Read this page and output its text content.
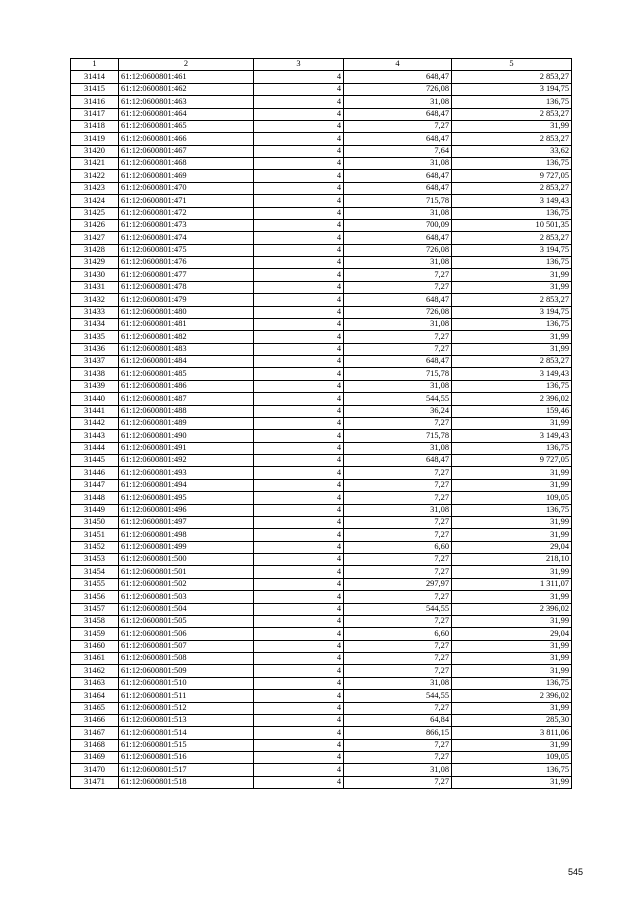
1	2	3	4	5
31414	61:12:0600801:461	4	648,47	2 853,27
31415	61:12:0600801:462	4	726,08	3 194,75
31416	61:12:0600801:463	4	31,08	136,75
31417	61:12:0600801:464	4	648,47	2 853,27
31418	61:12:0600801:465	4	7,27	31,99
31419	61:12:0600801:466	4	648,47	2 853,27
31420	61:12:0600801:467	4	7,64	33,62
31421	61:12:0600801:468	4	31,08	136,75
31422	61:12:0600801:469	4	648,47	9 727,05
31423	61:12:0600801:470	4	648,47	2 853,27
31424	61:12:0600801:471	4	715,78	3 149,43
31425	61:12:0600801:472	4	31,08	136,75
31426	61:12:0600801:473	4	700,09	10 501,35
31427	61:12:0600801:474	4	648,47	2 853,27
31428	61:12:0600801:475	4	726,08	3 194,75
31429	61:12:0600801:476	4	31,08	136,75
31430	61:12:0600801:477	4	7,27	31,99
31431	61:12:0600801:478	4	7,27	31,99
31432	61:12:0600801:479	4	648,47	2 853,27
31433	61:12:0600801:480	4	726,08	3 194,75
31434	61:12:0600801:481	4	31,08	136,75
31435	61:12:0600801:482	4	7,27	31,99
31436	61:12:0600801:483	4	7,27	31,99
31437	61:12:0600801:484	4	648,47	2 853,27
31438	61:12:0600801:485	4	715,78	3 149,43
31439	61:12:0600801:486	4	31,08	136,75
31440	61:12:0600801:487	4	544,55	2 396,02
31441	61:12:0600801:488	4	36,24	159,46
31442	61:12:0600801:489	4	7,27	31,99
31443	61:12:0600801:490	4	715,78	3 149,43
31444	61:12:0600801:491	4	31,08	136,75
31445	61:12:0600801:492	4	648,47	9 727,05
31446	61:12:0600801:493	4	7,27	31,99
31447	61:12:0600801:494	4	7,27	31,99
31448	61:12:0600801:495	4	7,27	109,05
31449	61:12:0600801:496	4	31,08	136,75
31450	61:12:0600801:497	4	7,27	31,99
31451	61:12:0600801:498	4	7,27	31,99
31452	61:12:0600801:499	4	6,60	29,04
31453	61:12:0600801:500	4	7,27	218,10
31454	61:12:0600801:501	4	7,27	31,99
31455	61:12:0600801:502	4	297,97	1 311,07
31456	61:12:0600801:503	4	7,27	31,99
31457	61:12:0600801:504	4	544,55	2 396,02
31458	61:12:0600801:505	4	7,27	31,99
31459	61:12:0600801:506	4	6,60	29,04
31460	61:12:0600801:507	4	7,27	31,99
31461	61:12:0600801:508	4	7,27	31,99
31462	61:12:0600801:509	4	7,27	31,99
31463	61:12:0600801:510	4	31,08	136,75
31464	61:12:0600801:511	4	544,55	2 396,02
31465	61:12:0600801:512	4	7,27	31,99
31466	61:12:0600801:513	4	64,84	285,30
31467	61:12:0600801:514	4	866,15	3 811,06
31468	61:12:0600801:515	4	7,27	31,99
31469	61:12:0600801:516	4	7,27	109,05
31470	61:12:0600801:517	4	31,08	136,75
31471	61:12:0600801:518	4	7,27	31,99
545
